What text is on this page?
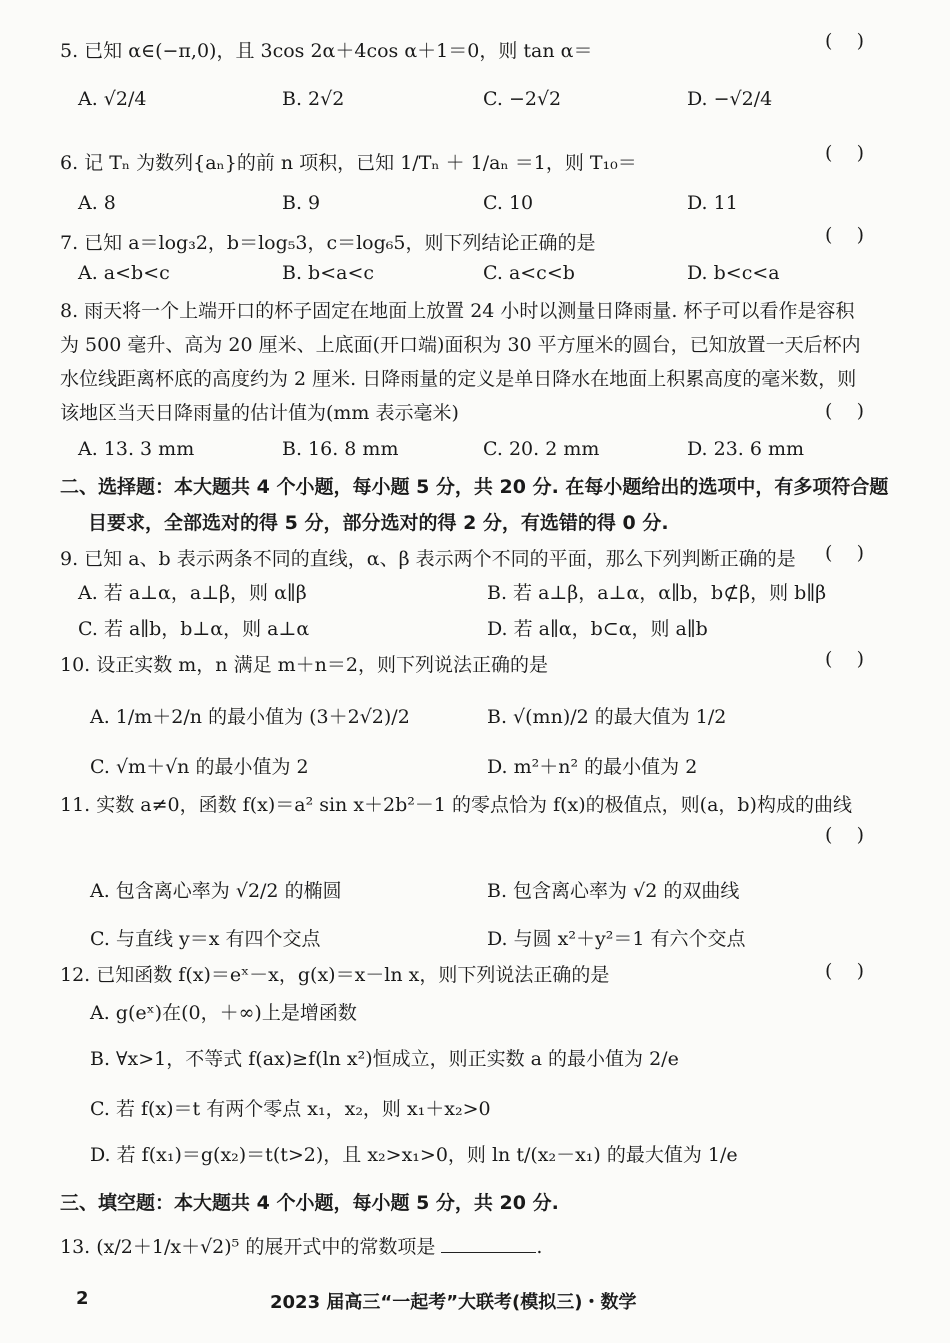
5. 已知 α∈(−π,0)，且 3cos 2α＋4cos α＋1＝0，则 tan α＝	(    )
A. √2/4	B. 2√2	C. −2√2	D. −√2/4
6. 记 Tₙ 为数列{aₙ}的前 n 项积，已知 1/Tₙ ＋ 1/aₙ ＝1，则 T₁₀＝	(    )
A. 8	B. 9	C. 10	D. 11
7. 已知 a＝log₃2，b＝log₅3，c＝log₆5，则下列结论正确的是	(    )
A. a<b<c	B. b<a<c	C. a<c<b	D. b<c<a
8. 雨天将一个上端开口的杯子固定在地面上放置 24 小时以测量日降雨量. 杯子可以看作是容积为 500 毫升、高为 20 厘米、上底面(开口端)面积为 30 平方厘米的圆台，已知放置一天后杯内水位线距离杯底的高度约为 2 厘米. 日降雨量的定义是单日降水在地面上积累高度的毫米数，则该地区当天日降雨量的估计值为(mm 表示毫米)	(    )
A. 13. 3 mm	B. 16. 8 mm	C. 20. 2 mm	D. 23. 6 mm
二、选择题：本大题共 4 个小题，每小题 5 分，共 20 分. 在每小题给出的选项中，有多项符合题
目要求，全部选对的得 5 分，部分选对的得 2 分，有选错的得 0 分.
9. 已知 a、b 表示两条不同的直线，α、β 表示两个不同的平面，那么下列判断正确的是 (    )
A. 若 a⊥α，a⊥β，则 α∥β	B. 若 a⊥β，a⊥α，α∥b，b⊄β，则 b∥β
C. 若 a∥b，b⊥α，则 a⊥α	D. 若 a∥α，b⊂α，则 a∥b
10. 设正实数 m，n 满足 m＋n＝2，则下列说法正确的是	(    )
A. 1/m＋2/n 的最小值为 (3＋2√2)/2	B. √(mn)/2 的最大值为 1/2
C. √m＋√n 的最小值为 2	D. m²＋n² 的最小值为 2
11. 实数 a≠0，函数 f(x)＝a² sin x＋2b²－1 的零点恰为 f(x)的极值点，则(a，b)构成的曲线
(    )
A. 包含离心率为 √2/2 的椭圆	B. 包含离心率为 √2 的双曲线
C. 与直线 y＝x 有四个交点	D. 与圆 x²＋y²＝1 有六个交点
12. 已知函数 f(x)＝eˣ－x，g(x)＝x－ln x，则下列说法正确的是	(    )
A. g(eˣ)在(0，＋∞)上是增函数
B. ∀x>1，不等式 f(ax)≥f(ln x²)恒成立，则正实数 a 的最小值为 2/e
C. 若 f(x)＝t 有两个零点 x₁，x₂，则 x₁＋x₂>0
D. 若 f(x₁)＝g(x₂)＝t(t>2)，且 x₂>x₁>0，则 ln t/(x₂－x₁) 的最大值为 1/e
三、填空题：本大题共 4 个小题，每小题 5 分，共 20 分.
13. (x/2＋1/x＋√2)⁵ 的展开式中的常数项是	.
2	2023 届高三“一起考”大联考(模拟三)・数学
